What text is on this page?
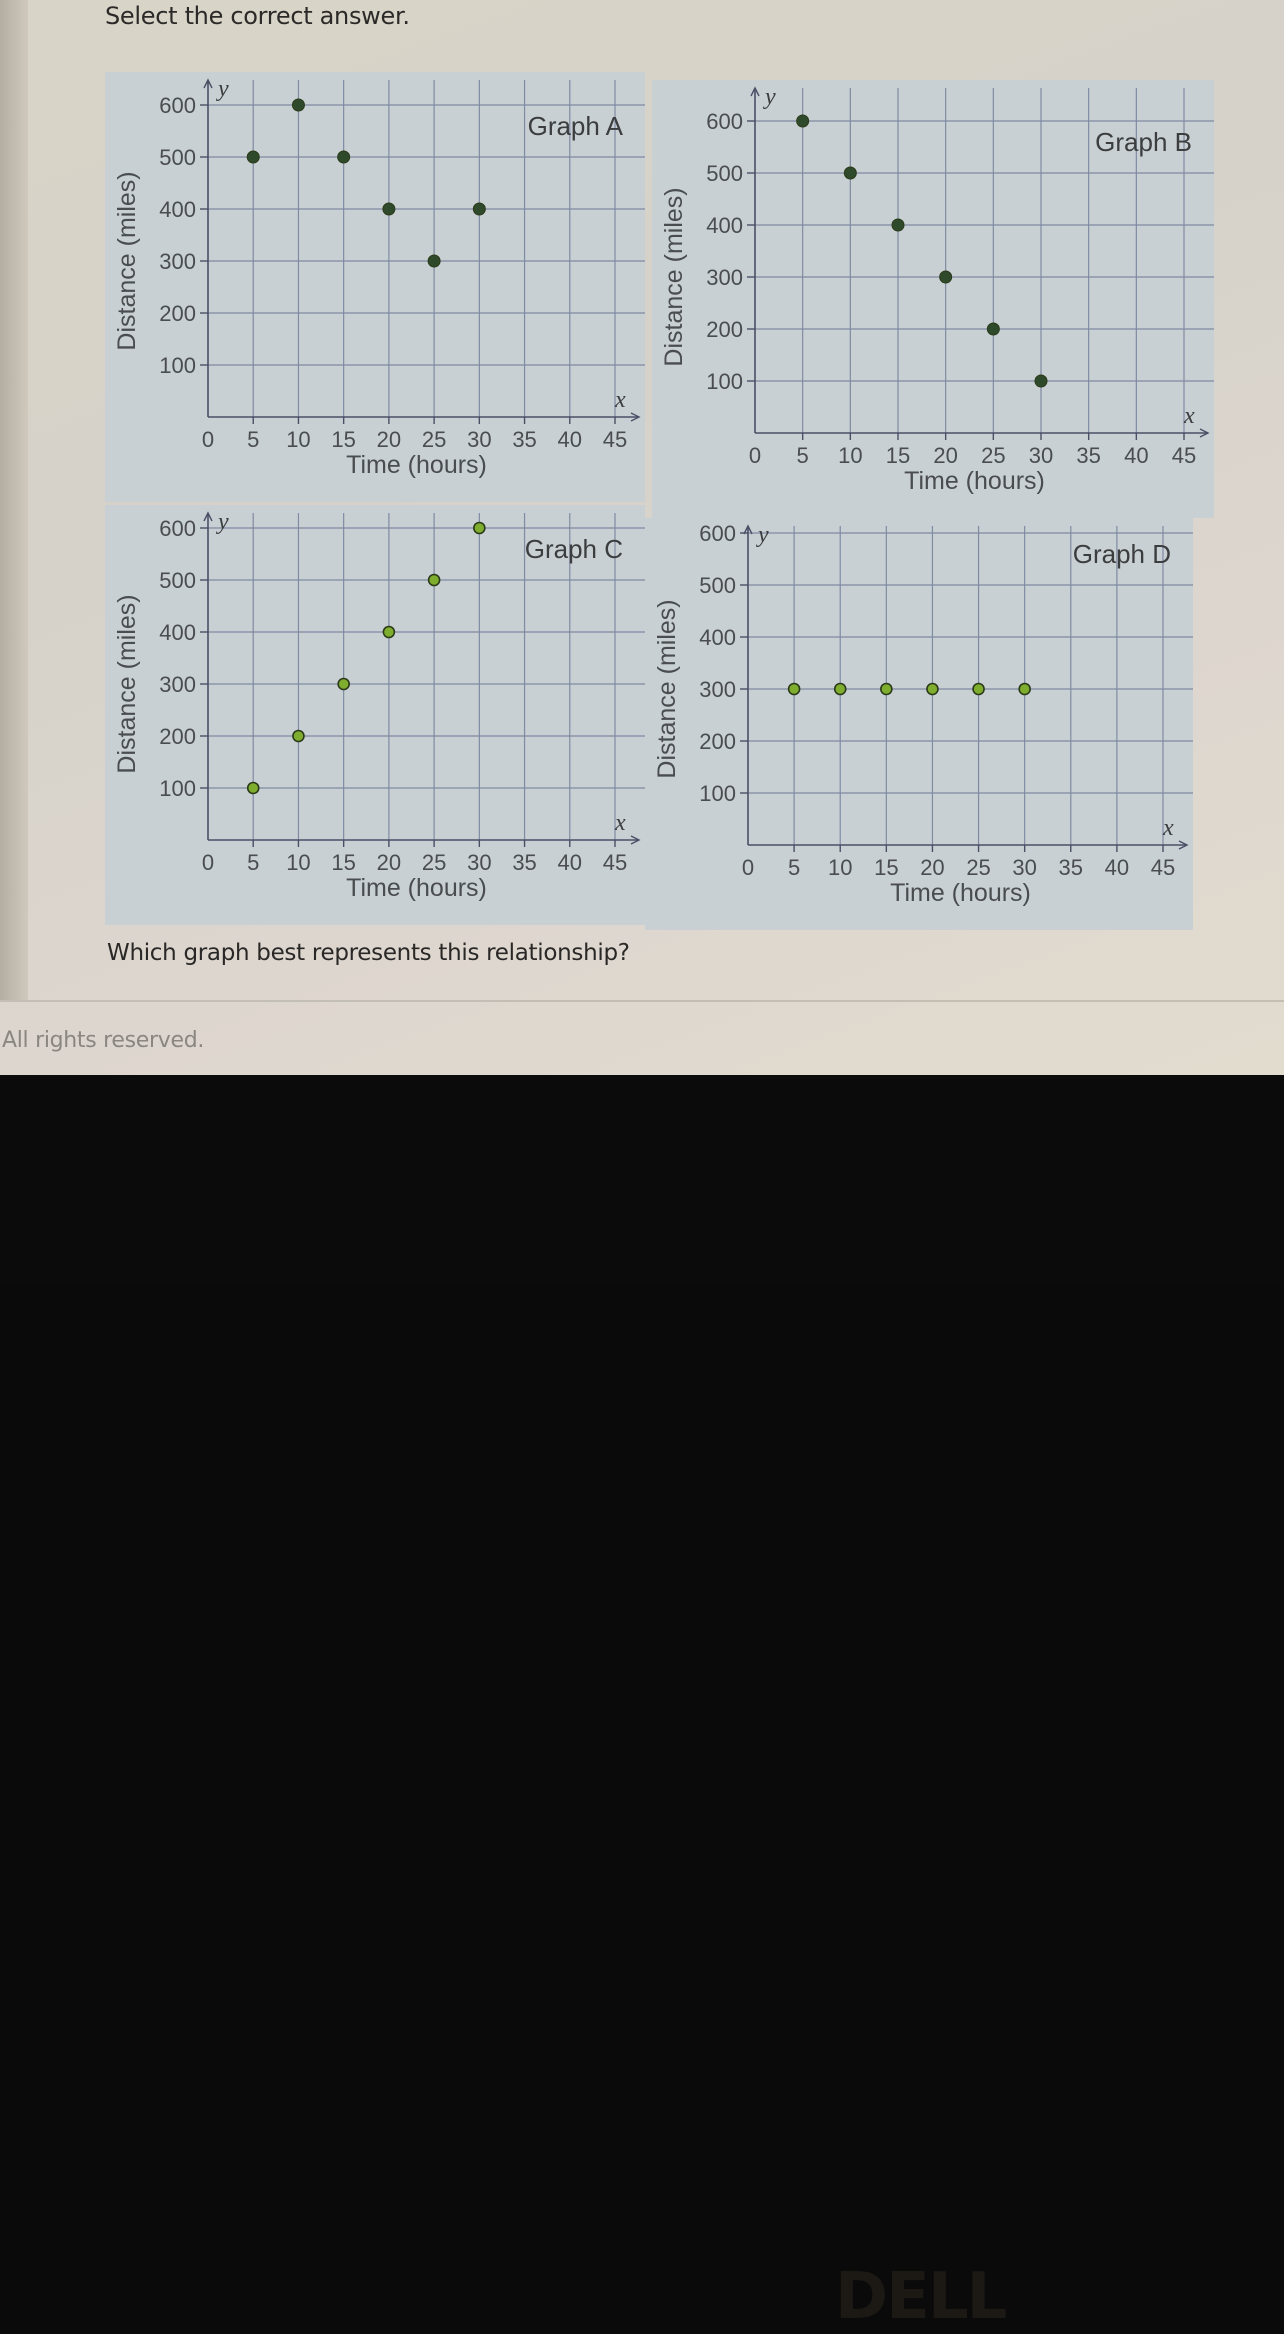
Select the correct answer.
y
x
100
200
300
400
500
600
0 5 10 15 20 25 30 35 40 45
Time (hours)
Distance (miles)
Graph A
y
x
100
200
300
400
500
600
0 5 10 15 20 25 30 35 40 45
Time (hours)
Distance (miles)
Graph B
y
x
100
200
300
400
500
600
0 5 10 15 20 25 30 35 40 45
Time (hours)
Distance (miles)
Graph C	y
x
100
200
300
400
500
600
0 5 10 15 20 25 30 35 40 45
Time (hours)
Distance (miles)
Graph D
Which graph best represents this relationship?
All rights reserved.
DELL
